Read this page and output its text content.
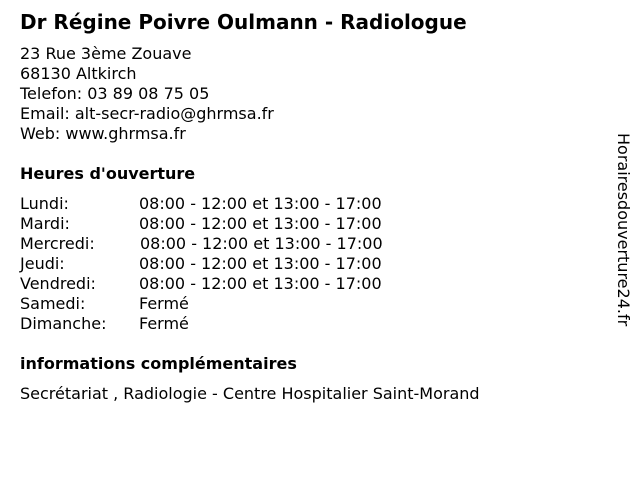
Dr Régine Poivre Oulmann - Radiologue
23 Rue 3ème Zouave
68130 Altkirch
Telefon: 03 89 08 75 05
Email: alt-secr-radio@ghrmsa.fr
Web: www.ghrmsa.fr
Heures d'ouverture
Lundi:	08:00 - 12:00 et 13:00 - 17:00
Mardi:	08:00 - 12:00 et 13:00 - 17:00
Mercredi:	08:00 - 12:00 et 13:00 - 17:00
Jeudi:	08:00 - 12:00 et 13:00 - 17:00
Vendredi:	08:00 - 12:00 et 13:00 - 17:00
Samedi:	Fermé
Dimanche: Fermé
informations complémentaires
Secrétariat , Radiologie - Centre Hospitalier Saint-Morand
Horairesdouverture24.fr
